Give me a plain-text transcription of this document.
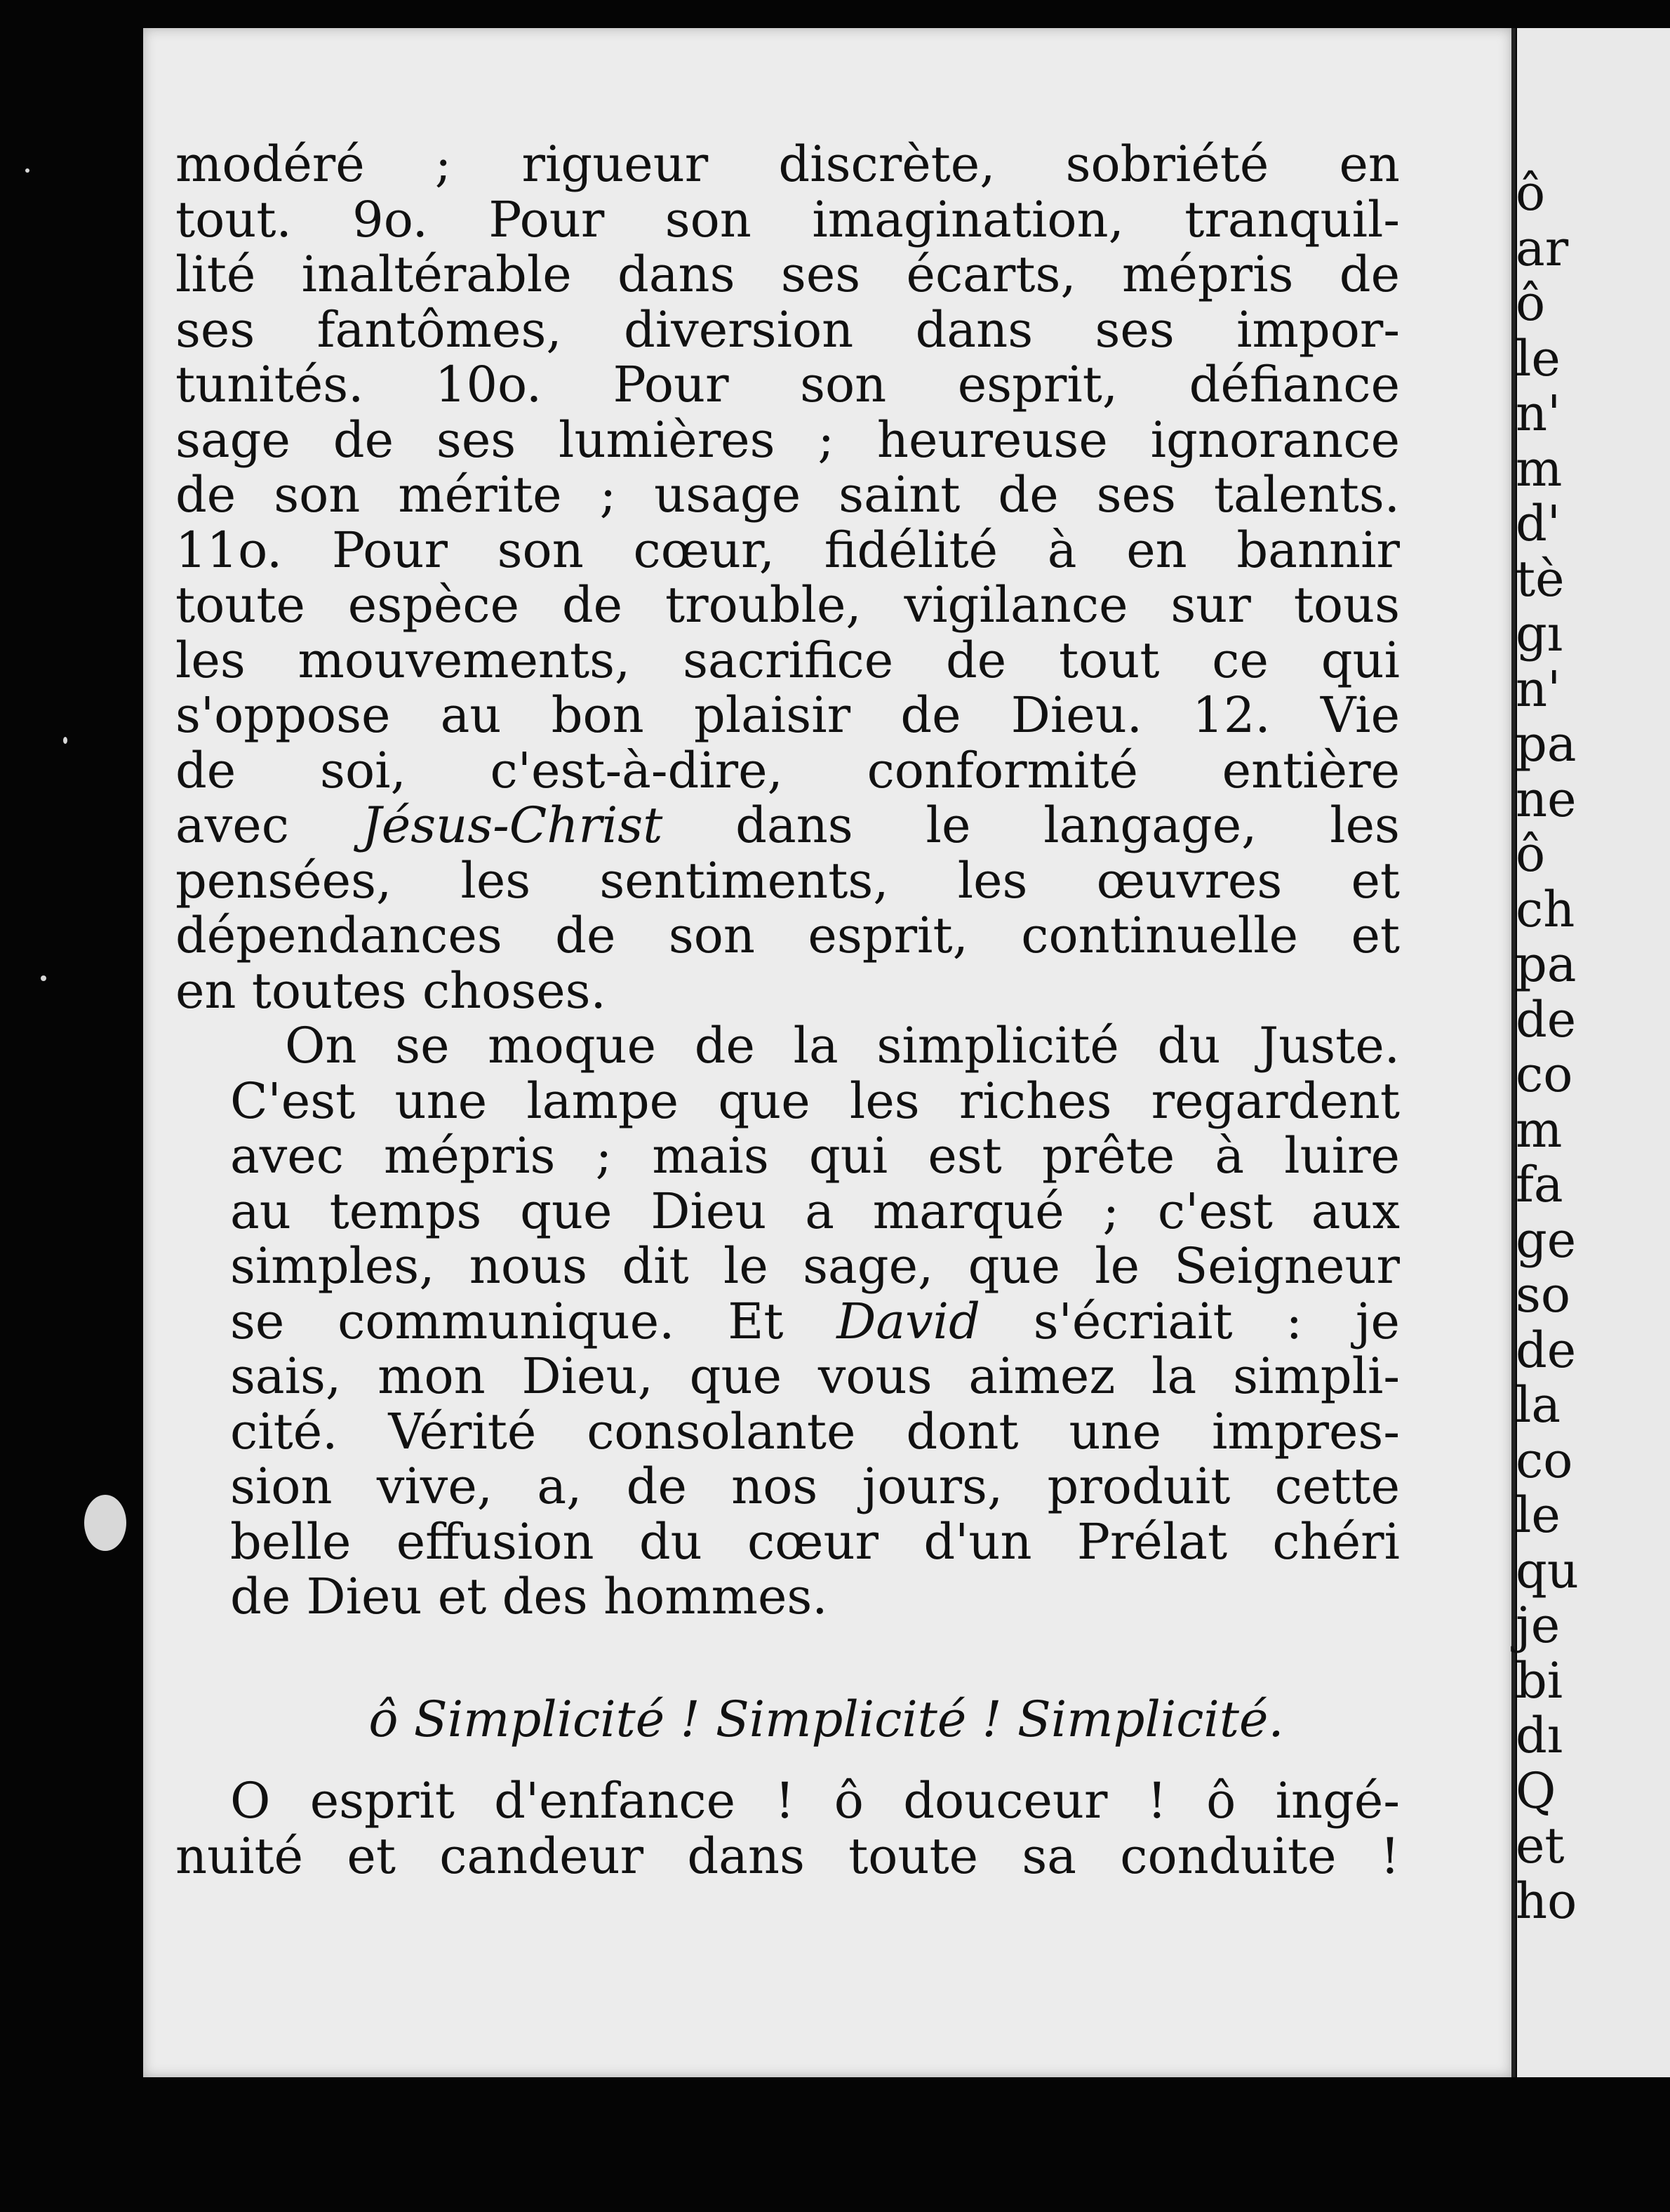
modéré ; rigueur discrète, sobriété en
tout. 9o. Pour son imagination, tranquil-
lité inaltérable dans ses écarts, mépris de
ses fantômes, diversion dans ses impor-
tunités. 10o. Pour son esprit, défiance
sage de ses lumières ; heureuse ignorance
de son mérite ; usage saint de ses talents.
11o. Pour son cœur, fidélité à en bannir
toute espèce de trouble, vigilance sur tous
les mouvements, sacrifice de tout ce qui
s'oppose au bon plaisir de Dieu. 12. Vie
de soi, c'est-à-dire, conformité entière
avec Jésus-Christ dans le langage, les
pensées, les sentiments, les œuvres et
dépendances de son esprit, continuelle et
en toutes choses.
On se moque de la simplicité du Juste.
C'est une lampe que les riches regardent
avec mépris ; mais qui est prête à luire
au temps que Dieu a marqué ; c'est aux
simples, nous dit le sage, que le Seigneur
se communique. Et David s'écriait : je
sais, mon Dieu, que vous aimez la simpli-
cité. Vérité consolante dont une impres-
sion vive, a, de nos jours, produit cette
belle effusion du cœur d'un Prélat chéri
de Dieu et des hommes.
ô Simplicité ! Simplicité ! Simplicité.
O esprit d'enfance ! ô douceur ! ô ingé-
nuité et candeur dans toute sa conduite !
ô
ar
ô
le
n'
m
d'
tè
gı
n'
pa
ne
ô
ch
pa
de
co
m
fa
ge
so
de
la
co
le
qu
je
bi
dı
Q
et
ho
